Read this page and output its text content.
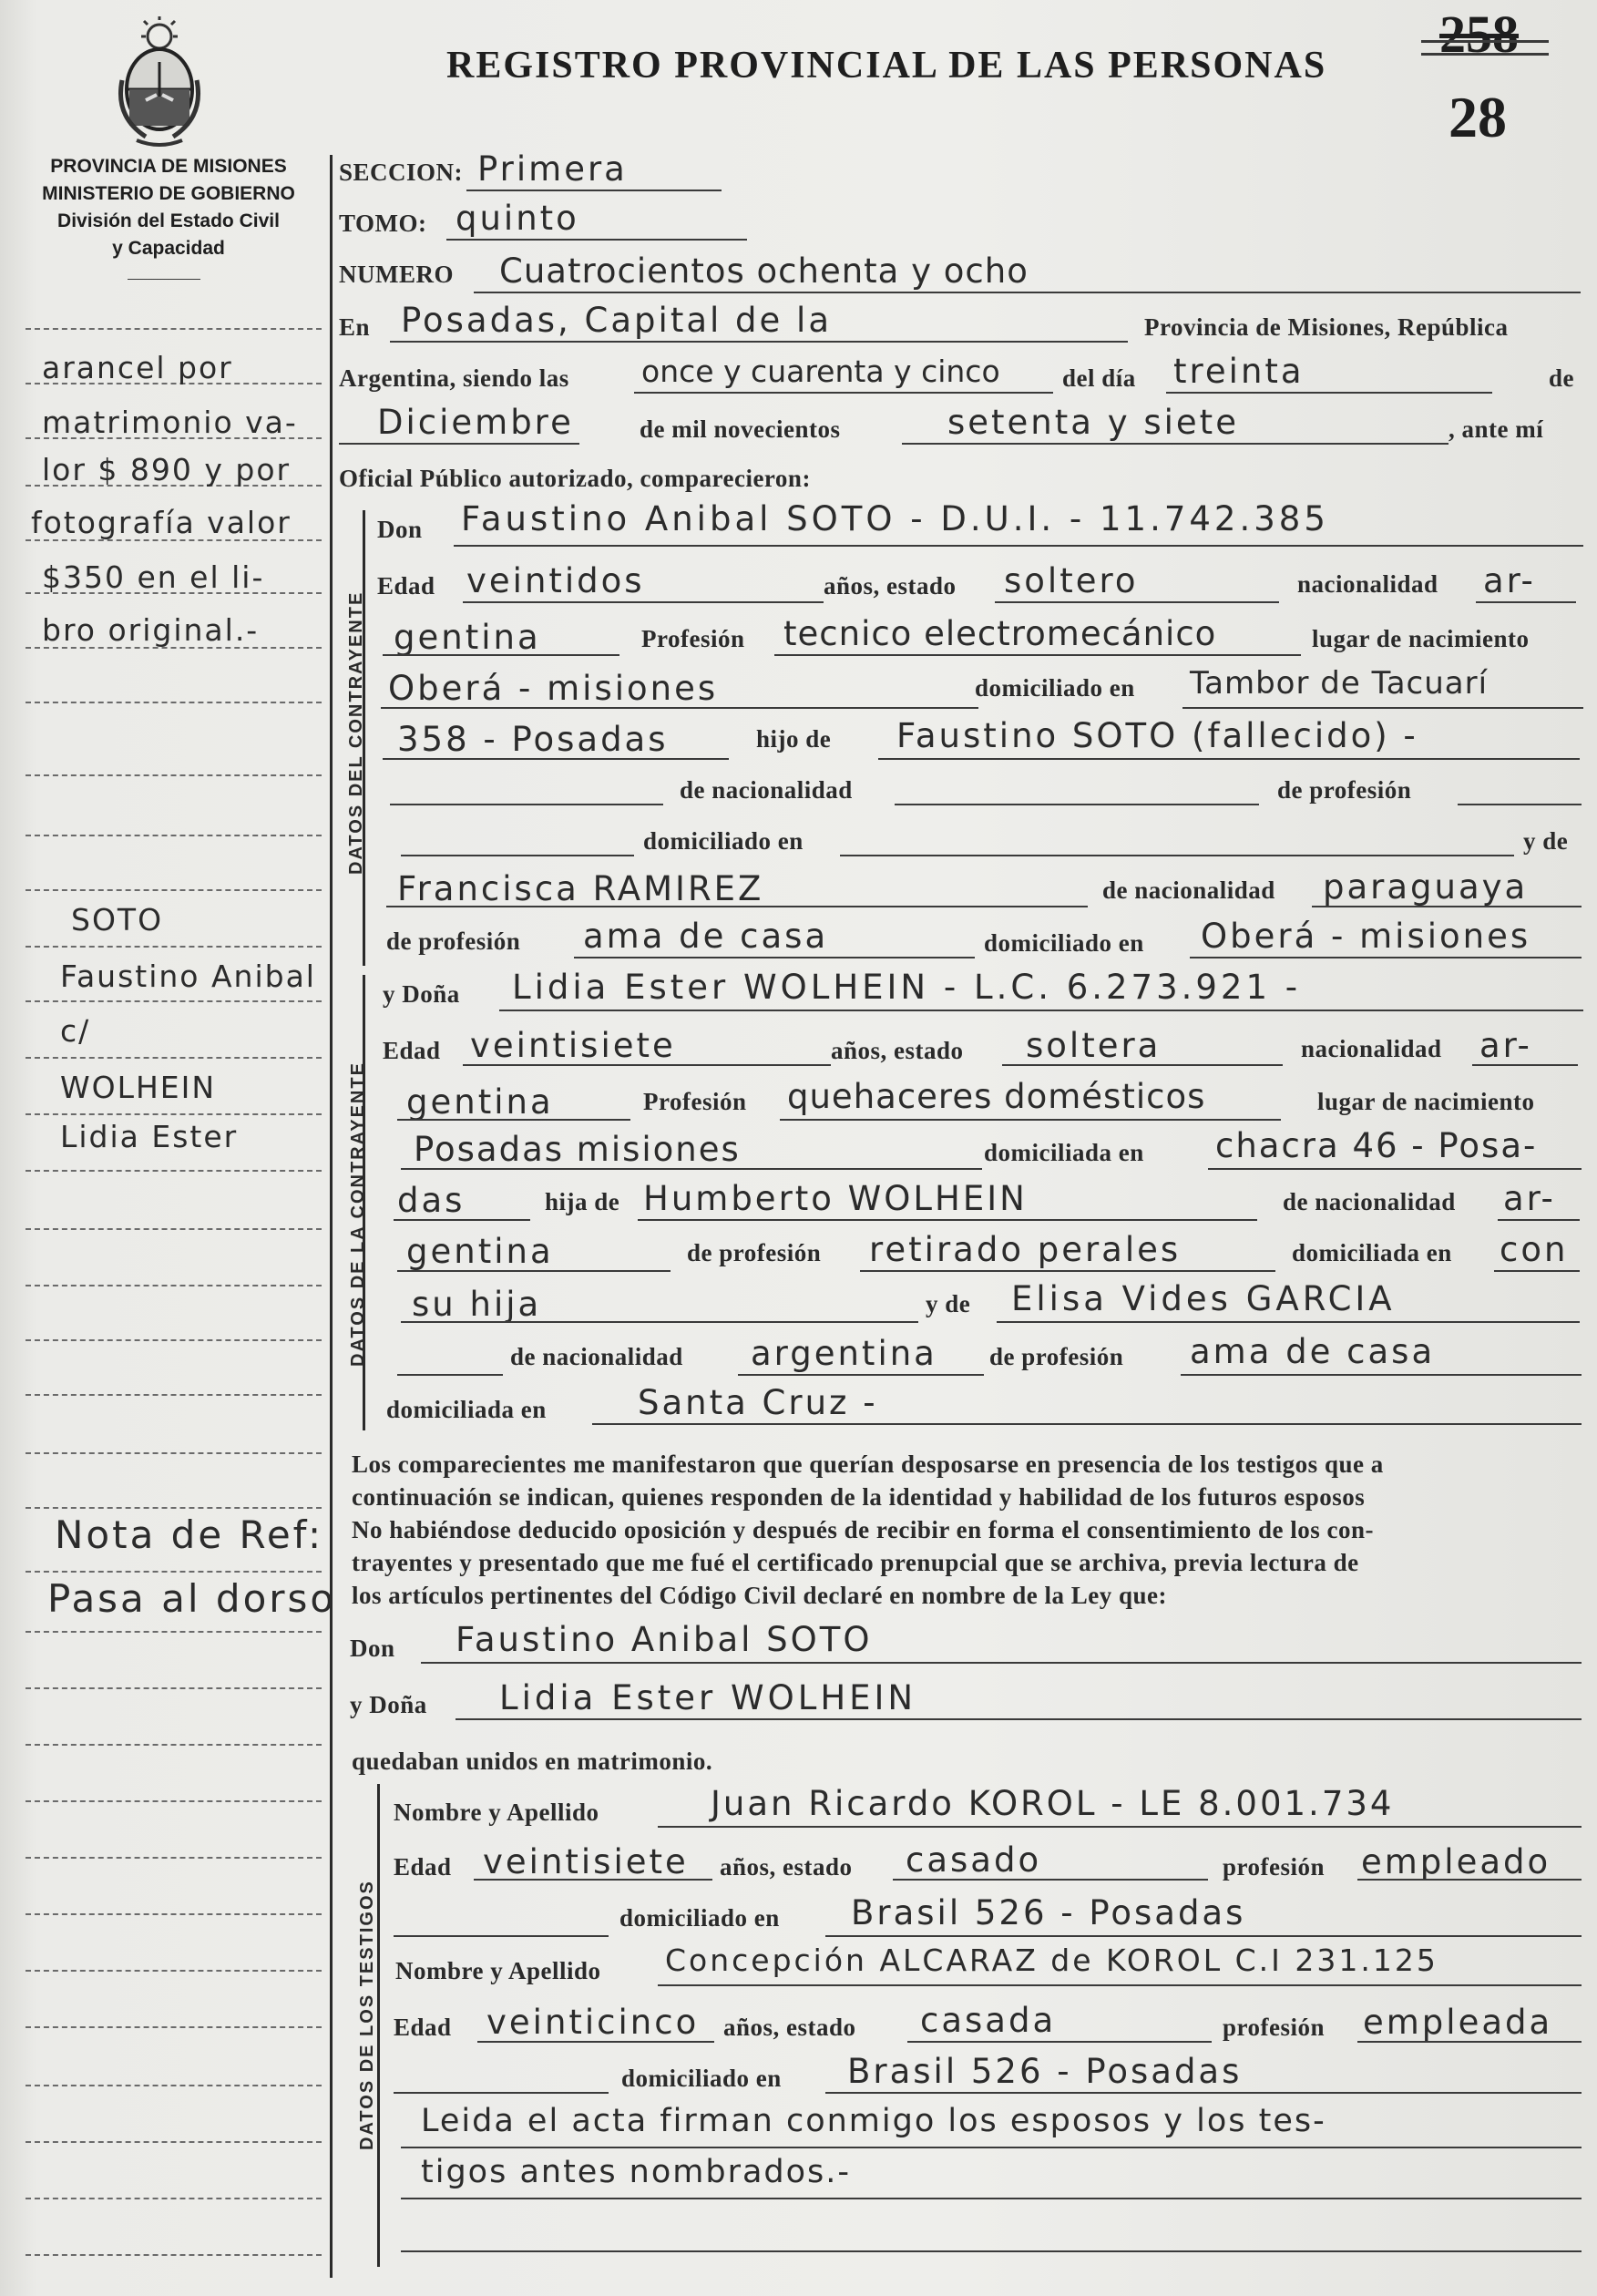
PROVINCIA DE MISIONES
MINISTERIO DE GOBIERNO
División del Estado Civil
y Capacidad
REGISTRO PROVINCIAL DE LAS PERSONAS
258
28
arancel por
matrimonio va-
lor $ 890 y por
fotografía valor
$350 en el li-
bro original.-
SOTO
Faustino Anibal
c/
WOLHEIN
Lidia Ester
Nota de Ref:
Pasa al dorso
SECCION: Primera
TOMO: quinto
NUMERO Cuatrocientos ochenta y ocho
En Posadas, Capital de la	Provincia de Misiones, República
Argentina, siendo las once y cuarenta y cinco	del día treinta	de
Diciembre	de mil novecientos	setenta y siete	, ante mí
Oficial Público autorizado, comparecieron:
DATOS DEL CONTRAYENTE
Don Faustino Anibal SOTO - D.U.I. - 11.742.385
Edad veintidos	años, estado soltero	nacionalidad ar-
gentina	Profesión tecnico electromecánico	lugar de nacimiento
Oberá - misiones	domiciliado en Tambor de Tacuarí
358 - Posadas	hijo de Faustino SOTO (fallecido) -
de nacionalidad	de profesión
domiciliado en	y de
Francisca RAMIREZ	de nacionalidad paraguaya
de profesión ama de casa	domiciliado en Oberá - misiones
DATOS DE LA CONTRAYENTE
y Doña Lidia Ester WOLHEIN - L.C. 6.273.921 -
Edad veintisiete	años, estado soltera	nacionalidad ar-
gentina	Profesión quehaceres domésticos	lugar de nacimiento
Posadas misiones	domiciliada en chacra 46 - Posa-
das	hija de Humberto WOLHEIN	de nacionalidad ar-
gentina	de profesión retirado perales	domiciliada en con
su hija	y de Elisa Vides GARCIA
de nacionalidad argentina de profesión ama de casa
domiciliada en	Santa Cruz -
Los comparecientes me manifestaron que querían desposarse en presencia de los testigos que a
continuación se indican, quienes responden de la identidad y habilidad de los futuros esposos
No habiéndose deducido oposición y después de recibir en forma el consentimiento de los con-
trayentes y presentado que me fué el certificado prenupcial que se archiva, previa lectura de
los artículos pertinentes del Código Civil declaré en nombre de la Ley que:
Don Faustino Anibal SOTO
y Doña Lidia Ester WOLHEIN
quedaban unidos en matrimonio.
DATOS DE LOS TESTIGOS
Nombre y Apellido	Juan Ricardo KOROL - LE 8.001.734
Edad veintisiete años, estado casado	profesión empleado
domiciliado en Brasil 526 - Posadas
Nombre y Apellido Concepción ALCARAZ de KOROL C.I 231.125
Edad veinticinco años, estado casada	profesión empleada
domiciliado en Brasil 526 - Posadas
Leida el acta firman conmigo los esposos y los tes-
tigos antes nombrados.-
